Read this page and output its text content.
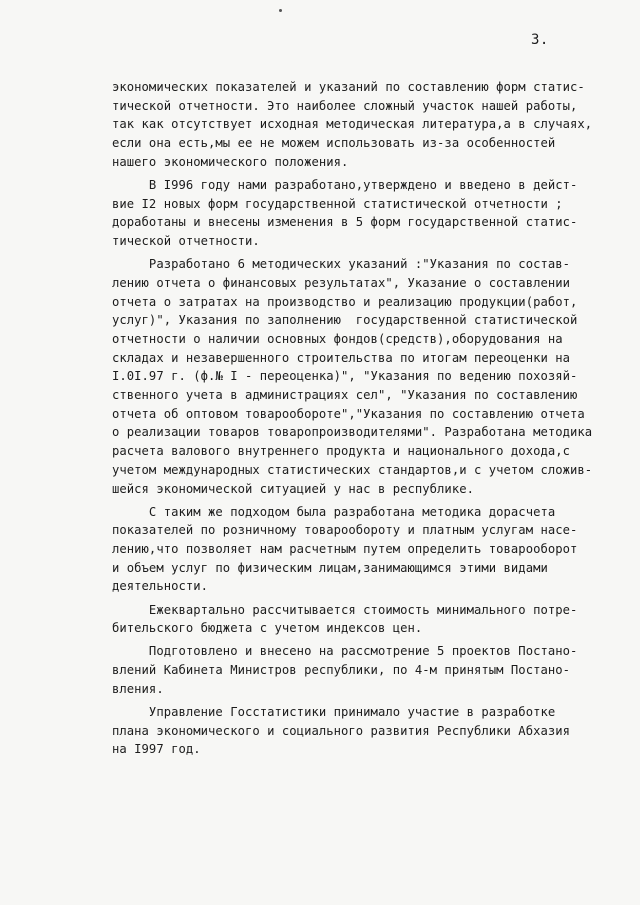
3.
экономических показателей и указаний по составлению форм статис-
тической отчетности. Это наиболее сложный участок нашей работы,
так как отсутствует исходная методическая литература,а в случаях,
если она есть,мы ее не можем использовать из-за особенностей
нашего экономического положения.
В I996 году нами разработано,утверждено и введено в дейст-
вие I2 новых форм государственной статистической отчетности ;
доработаны и внесены изменения в 5 форм государственной статис-
тической отчетности.
Разработано 6 методических указаний :"Указания по состав-
лению отчета о финансовых результатах", Указание о составлении
отчета о затратах на производство и реализацию продукции(работ,
услуг)", Указания по заполнению  государственной статистической
отчетности о наличии основных фондов(средств),оборудования на
складах и незавершенного строительства по итогам переоценки на
I.0I.97 г. (ф.№ I - переоценка)", "Указания по ведению похозяй-
ственного учета в администрациях сел", "Указания по составлению
отчета об оптовом товарообороте","Указания по составлению отчета
о реализации товаров товаропроизводителями". Разработана методика
расчета валового внутреннего продукта и национального дохода,с
учетом международных статистических стандартов,и с учетом сложив-
шейся экономической ситуацией у нас в республике.
С таким же подходом была разработана методика дорасчета
показателей по розничному товарообороту и платным услугам насе-
лению,что позволяет нам расчетным путем определить товарооборот
и объем услуг по физическим лицам,занимающимся этими видами
деятельности.
Ежеквартально рассчитывается стоимость минимального потре-
бительского бюджета с учетом индексов цен.
Подготовлено и внесено на рассмотрение 5 проектов Постано-
влений Кабинета Министров республики, по 4-м принятым Постано-
вления.
Управление Госстатистики принимало участие в разработке
плана экономического и социального развития Республики Абхазия
на I997 год.
